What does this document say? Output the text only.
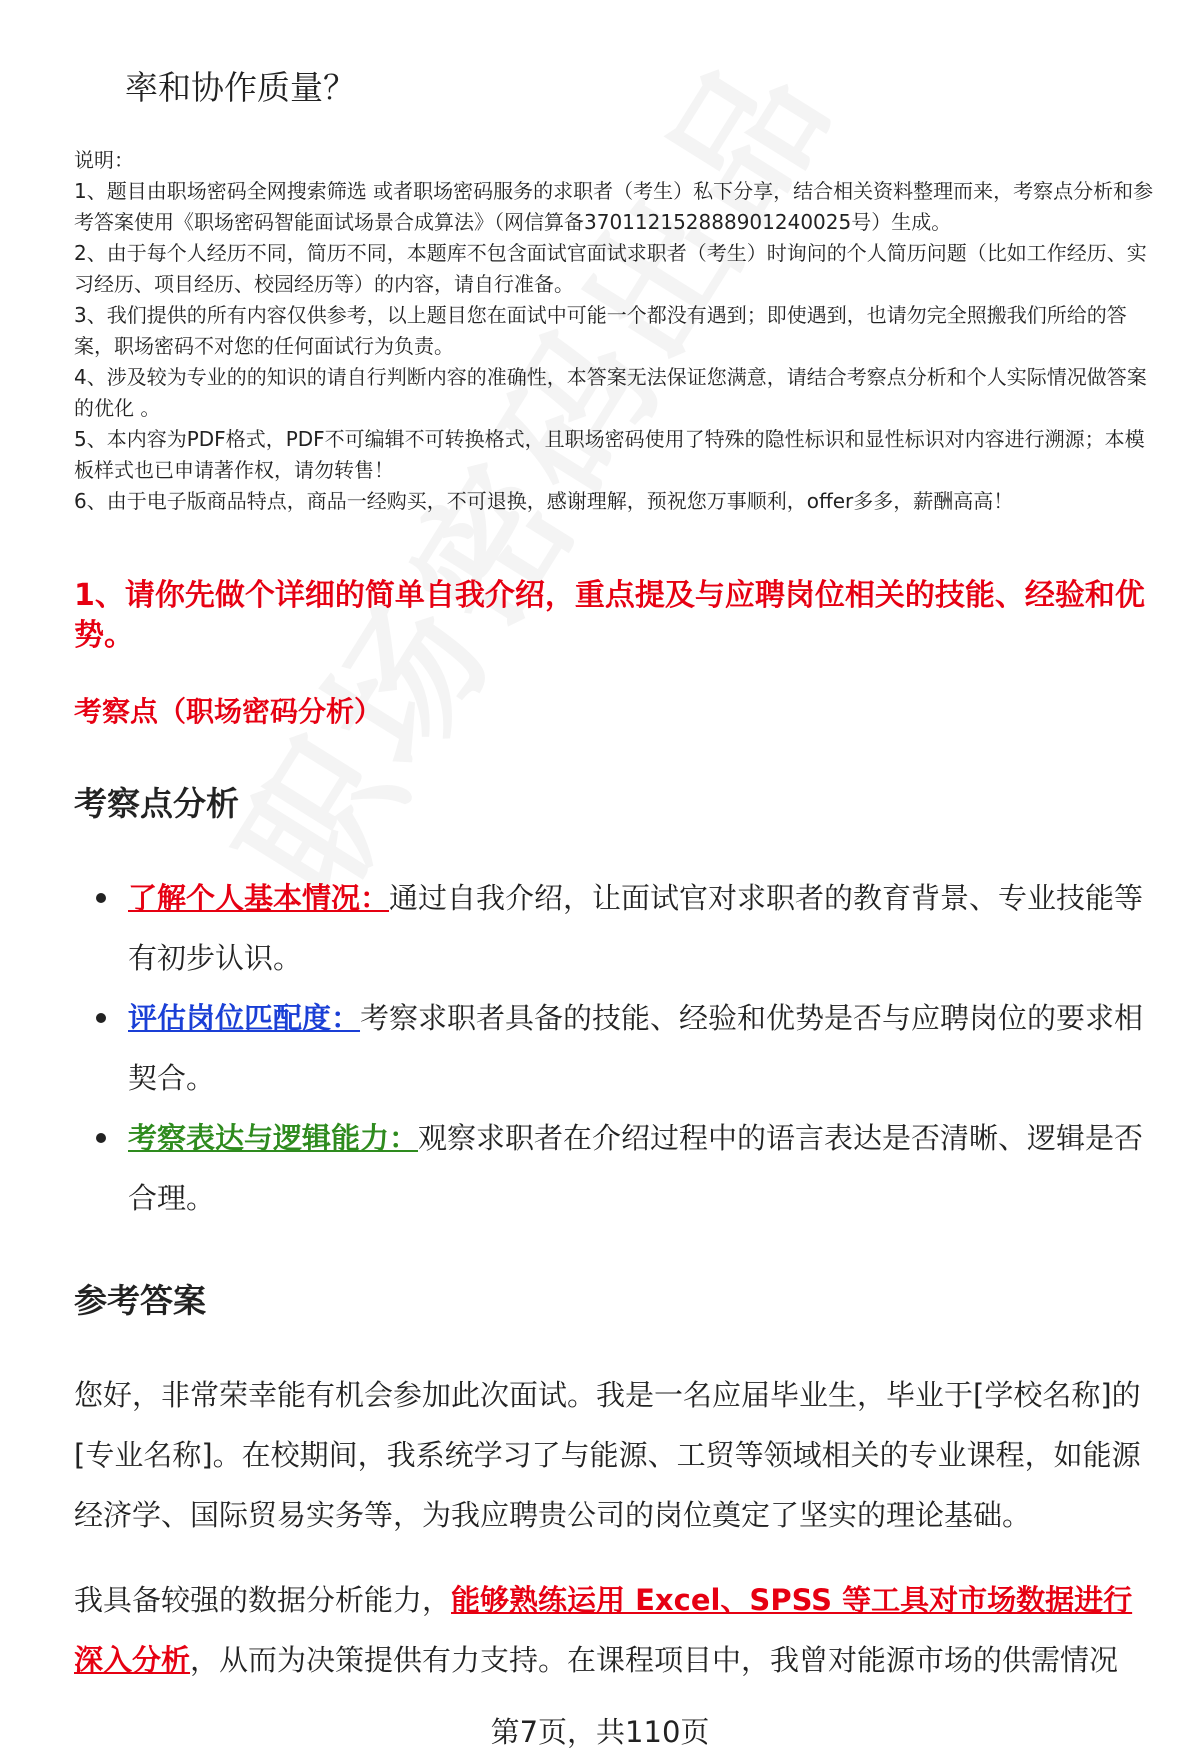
率和协作质量？

说明：

1、题目由职场密码全网搜索筛选 或者职场密码服务的求职者（考生）私下分享，结合相关资料整理而来，考察点分析和参考答案使用《职场密码智能面试场景合成算法》（网信算备370112152888901240025号）生成。

2、由于每个人经历不同，简历不同，本题库不包含面试官面试求职者（考生）时询问的个人简历问题（比如工作经历、实习经历、项目经历、校园经历等）的内容，请自行准备。

3、我们提供的所有内容仅供参考，以上题目您在面试中可能一个都没有遇到；即使遇到，也请勿完全照搬我们所给的答案，职场密码不对您的任何面试行为负责。

4、涉及较为专业的的知识的请自行判断内容的准确性，本答案无法保证您满意，请结合考察点分析和个人实际情况做答案的优化 。

5、本内容为PDF格式，PDF不可编辑不可转换格式，且职场密码使用了特殊的隐性标识和显性标识对内容进行溯源；本模板样式也已申请著作权，请勿转售！

6、由于电子版商品特点，商品一经购买，不可退换，感谢理解，预祝您万事顺利，offer多多，薪酬高高！

1、请你先做个详细的简单自我介绍，重点提及与应聘岗位相关的技能、经验和优势。
考察点（职场密码分析）
考察点分析
了解个人基本情况：通过自我介绍，让面试官对求职者的教育背景、专业技能等有初步认识。
评估岗位匹配度：考察求职者具备的技能、经验和优势是否与应聘岗位的要求相契合。
考察表达与逻辑能力：观察求职者在介绍过程中的语言表达是否清晰、逻辑是否合理。
参考答案

您好，非常荣幸能有机会参加此次面试。我是一名应届毕业生，毕业于[学校名称]的[专业名称]。在校期间，我系统学习了与能源、工贸等领域相关的专业课程，如能源经济学、国际贸易实务等，为我应聘贵公司的岗位奠定了坚实的理论基础。

我具备较强的数据分析能力，能够熟练运用 Excel、SPSS 等工具对市场数据进行深入分析，从而为决策提供有力支持。在课程项目中，我曾对能源市场的供需情况

第7页，共110页
